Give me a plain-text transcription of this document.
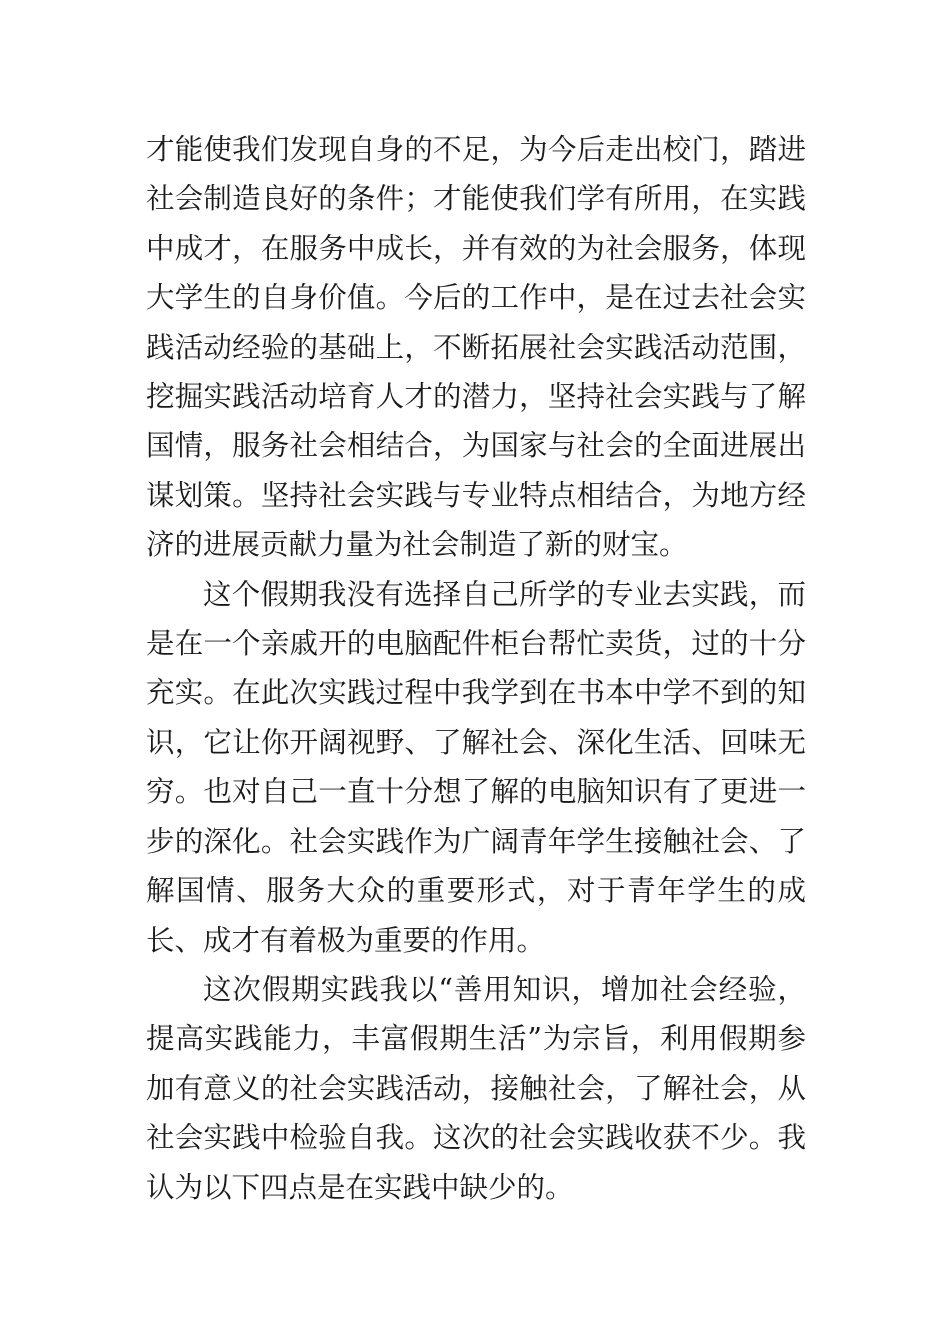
才能使我们发现自身的不足，为今后走出校门，踏进社会制造良好的条件；才能使我们学有所用，在实践中成才，在服务中成长，并有效的为社会服务，体现大学生的自身价值。今后的工作中，是在过去社会实践活动经验的基础上，不断拓展社会实践活动范围，挖掘实践活动培育人才的潜力，坚持社会实践与了解国情，服务社会相结合，为国家与社会的全面进展出谋划策。坚持社会实践与专业特点相结合，为地方经济的进展贡献力量为社会制造了新的财宝。

这个假期我没有选择自己所学的专业去实践，而是在一个亲戚开的电脑配件柜台帮忙卖货，过的十分充实。在此次实践过程中我学到在书本中学不到的知识，它让你开阔视野、了解社会、深化生活、回味无穷。也对自己一直十分想了解的电脑知识有了更进一步的深化。社会实践作为广阔青年学生接触社会、了解国情、服务大众的重要形式，对于青年学生的成长、成才有着极为重要的作用。

这次假期实践我以“善用知识，增加社会经验，提高实践能力，丰富假期生活”为宗旨，利用假期参加有意义的社会实践活动，接触社会，了解社会，从社会实践中检验自我。这次的社会实践收获不少。我认为以下四点是在实践中缺少的。
